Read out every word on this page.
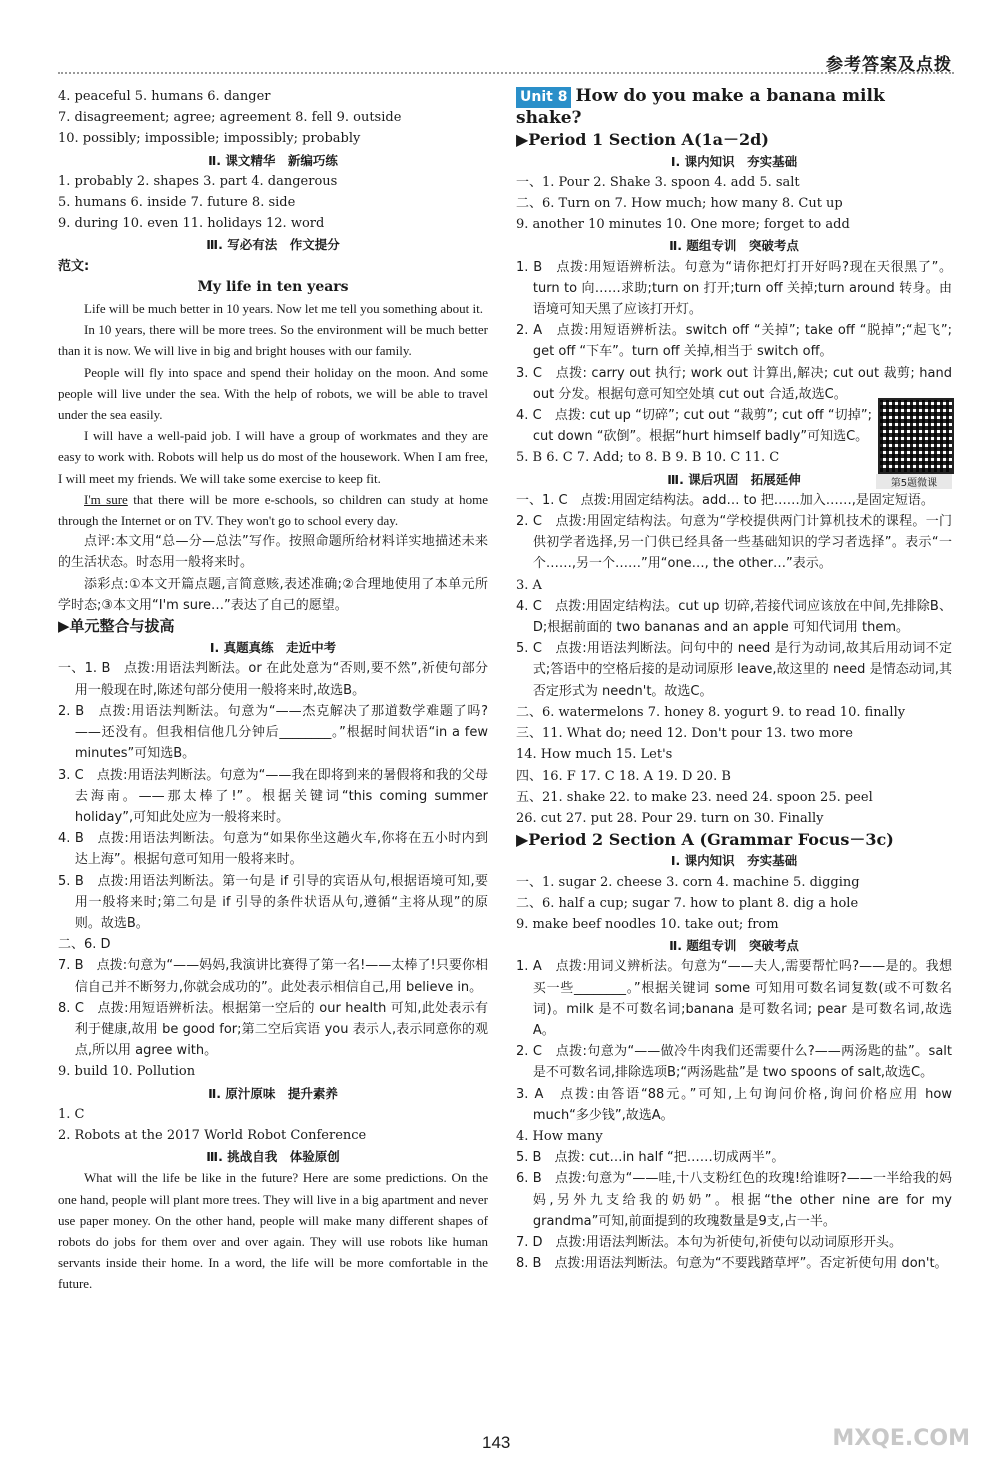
参考答案及点拨
4. peaceful 5. humans 6. danger
7. disagreement; agree; agreement 8. fell 9. outside
10. possibly; impossible; impossibly; probably
Ⅱ. 课文精华　新编巧练
1. probably 2. shapes 3. part 4. dangerous
5. humans 6. inside 7. future 8. side
9. during 10. even 11. holidays 12. word
Ⅲ. 写必有法　作文提分
范文:
My life in ten years
Life will be much better in 10 years. Now let me tell you something about it.
In 10 years, there will be more trees. So the environment will be much better than it is now. We will live in big and bright houses with our family.
People will fly into space and spend their holiday on the moon. And some people will live under the sea. With the help of robots, we will be able to travel under the sea easily.
I will have a well-paid job. I will have a group of workmates and they are easy to work with. Robots will help us do most of the housework. When I am free, I will meet my friends. We will take some exercise to keep fit.
I'm sure that there will be more e-schools, so children can study at home through the Internet or on TV. They won't go to school every day.
点评:本文用“总—分—总法”写作。按照命题所给材料详实地描述未来的生活状态。时态用一般将来时。
添彩点:①本文开篇点题,言简意赅,表述准确;②合理地使用了本单元所学时态;③本文用“I'm sure…”表达了自己的愿望。
▶单元整合与拔高
Ⅰ. 真题真练　走近中考
一、1. B　点拨:用语法判断法。or 在此处意为“否则,要不然”,祈使句部分用一般现在时,陈述句部分使用一般将来时,故选B。
2. B　点拨:用语法判断法。句意为“——杰克解决了那道数学难题了吗?——还没有。但我相信他几分钟后________。”根据时间状语“in a few minutes”可知选B。
3. C　点拨:用语法判断法。句意为“——我在即将到来的暑假将和我的父母去海南。——那太棒了!”。根据关键词“this coming summer holiday”,可知此处应为一般将来时。
4. B　点拨:用语法判断法。句意为“如果你坐这趟火车,你将在五小时内到达上海”。根据句意可知用一般将来时。
5. B　点拨:用语法判断法。第一句是 if 引导的宾语从句,根据语境可知,要用一般将来时;第二句是 if 引导的条件状语从句,遵循“主将从现”的原则。故选B。
二、6. D
7. B　点拨:句意为“——妈妈,我演讲比赛得了第一名!——太棒了!只要你相信自己并不断努力,你就会成功的”。此处表示相信自己,用 believe in。
8. C　点拨:用短语辨析法。根据第一空后的 our health 可知,此处表示有利于健康,故用 be good for;第二空后宾语 you 表示人,表示同意你的观点,所以用 agree with。
9. build 10. Pollution
Ⅱ. 原汁原味　提升素养
1. C
2. Robots at the 2017 World Robot Conference
Ⅲ. 挑战自我　体验原创
What will the life be like in the future? Here are some predictions. On the one hand, people will plant more trees. They will live in a big apartment and never use paper money. On the other hand, people will make many different shapes of robots do jobs for them over and over again. They will use robots like human servants inside their home. In a word, the life will be more comfortable in the future.
Unit 8 How do you make a banana milk shake?
▶Period 1 Section A(1a－2d)
Ⅰ. 课内知识　夯实基础
一、1. Pour 2. Shake 3. spoon 4. add 5. salt
二、6. Turn on 7. How much; how many 8. Cut up
9. another 10 minutes 10. One more; forget to add
Ⅱ. 题组专训　突破考点
1. B　点拨:用短语辨析法。句意为“请你把灯打开好吗?现在天很黑了”。turn to 向……求助;turn on 打开;turn off 关掉;turn around 转身。由语境可知天黑了应该打开灯。
2. A　点拨:用短语辨析法。switch off “关掉”; take off “脱掉”;“起飞”; get off “下车”。turn off 关掉,相当于 switch off。
3. C　点拨: carry out 执行; work out 计算出,解决; cut out 裁剪; hand out 分发。根据句意可知空处填 cut out 合适,故选C。
4. C　点拨: cut up “切碎”; cut out “裁剪”; cut off “切掉”; cut down “砍倒”。根据“hurt himself badly”可知选C。
5. B 6. C 7. Add; to 8. B 9. B 10. C 11. C
Ⅲ. 课后巩固　拓展延伸
一、1. C　点拨:用固定结构法。add… to 把……加入……,是固定短语。
2. C　点拨:用固定结构法。句意为“学校提供两门计算机技术的课程。一门供初学者选择,另一门供已经具备一些基础知识的学习者选择”。表示“一个……,另一个……”用“one…, the other…”表示。
3. A
4. C　点拨:用固定结构法。cut up 切碎,若接代词应该放在中间,先排除B、D;根据前面的 two bananas and an apple 可知代词用 them。
5. C　点拨:用语法判断法。问句中的 need 是行为动词,故其后用动词不定式;答语中的空格后接的是动词原形 leave,故这里的 need 是情态动词,其否定形式为 needn't。故选C。
二、6. watermelons 7. honey 8. yogurt 9. to read 10. finally
三、11. What do; need 12. Don't pour 13. two more
14. How much 15. Let's
四、16. F 17. C 18. A 19. D 20. B
五、21. shake 22. to make 23. need 24. spoon 25. peel
26. cut 27. put 28. Pour 29. turn on 30. Finally
▶Period 2 Section A (Grammar Focus－3c)
Ⅰ. 课内知识　夯实基础
一、1. sugar 2. cheese 3. corn 4. machine 5. digging
二、6. half a cup; sugar 7. how to plant 8. dig a hole
9. make beef noodles 10. take out; from
Ⅱ. 题组专训　突破考点
1. A　点拨:用词义辨析法。句意为“——夫人,需要帮忙吗?——是的。我想买一些________。”根据关键词 some 可知用可数名词复数(或不可数名词)。milk 是不可数名词;banana 是可数名词; pear 是可数名词,故选A。
2. C　点拨:句意为“——做冷牛肉我们还需要什么?——两汤匙的盐”。salt 是不可数名词,排除选项B;“两汤匙盐”是 two spoons of salt,故选C。
3. A　点拨:由答语“88元。”可知,上句询问价格,询问价格应用 how much“多少钱”,故选A。
4. How many
5. B　点拨: cut…in half “把……切成两半”。
6. B　点拨:句意为“——哇,十八支粉红色的玫瑰!给谁呀?——一半给我的妈妈,另外九支给我的奶奶”。根据“the other nine are for my grandma”可知,前面提到的玫瑰数量是9支,占一半。
7. D　点拨:用语法判断法。本句为祈使句,祈使句以动词原形开头。
8. B　点拨:用语法判断法。句意为“不要践踏草坪”。否定祈使句用 don't。
第5题微课
143	MXQE.COM
